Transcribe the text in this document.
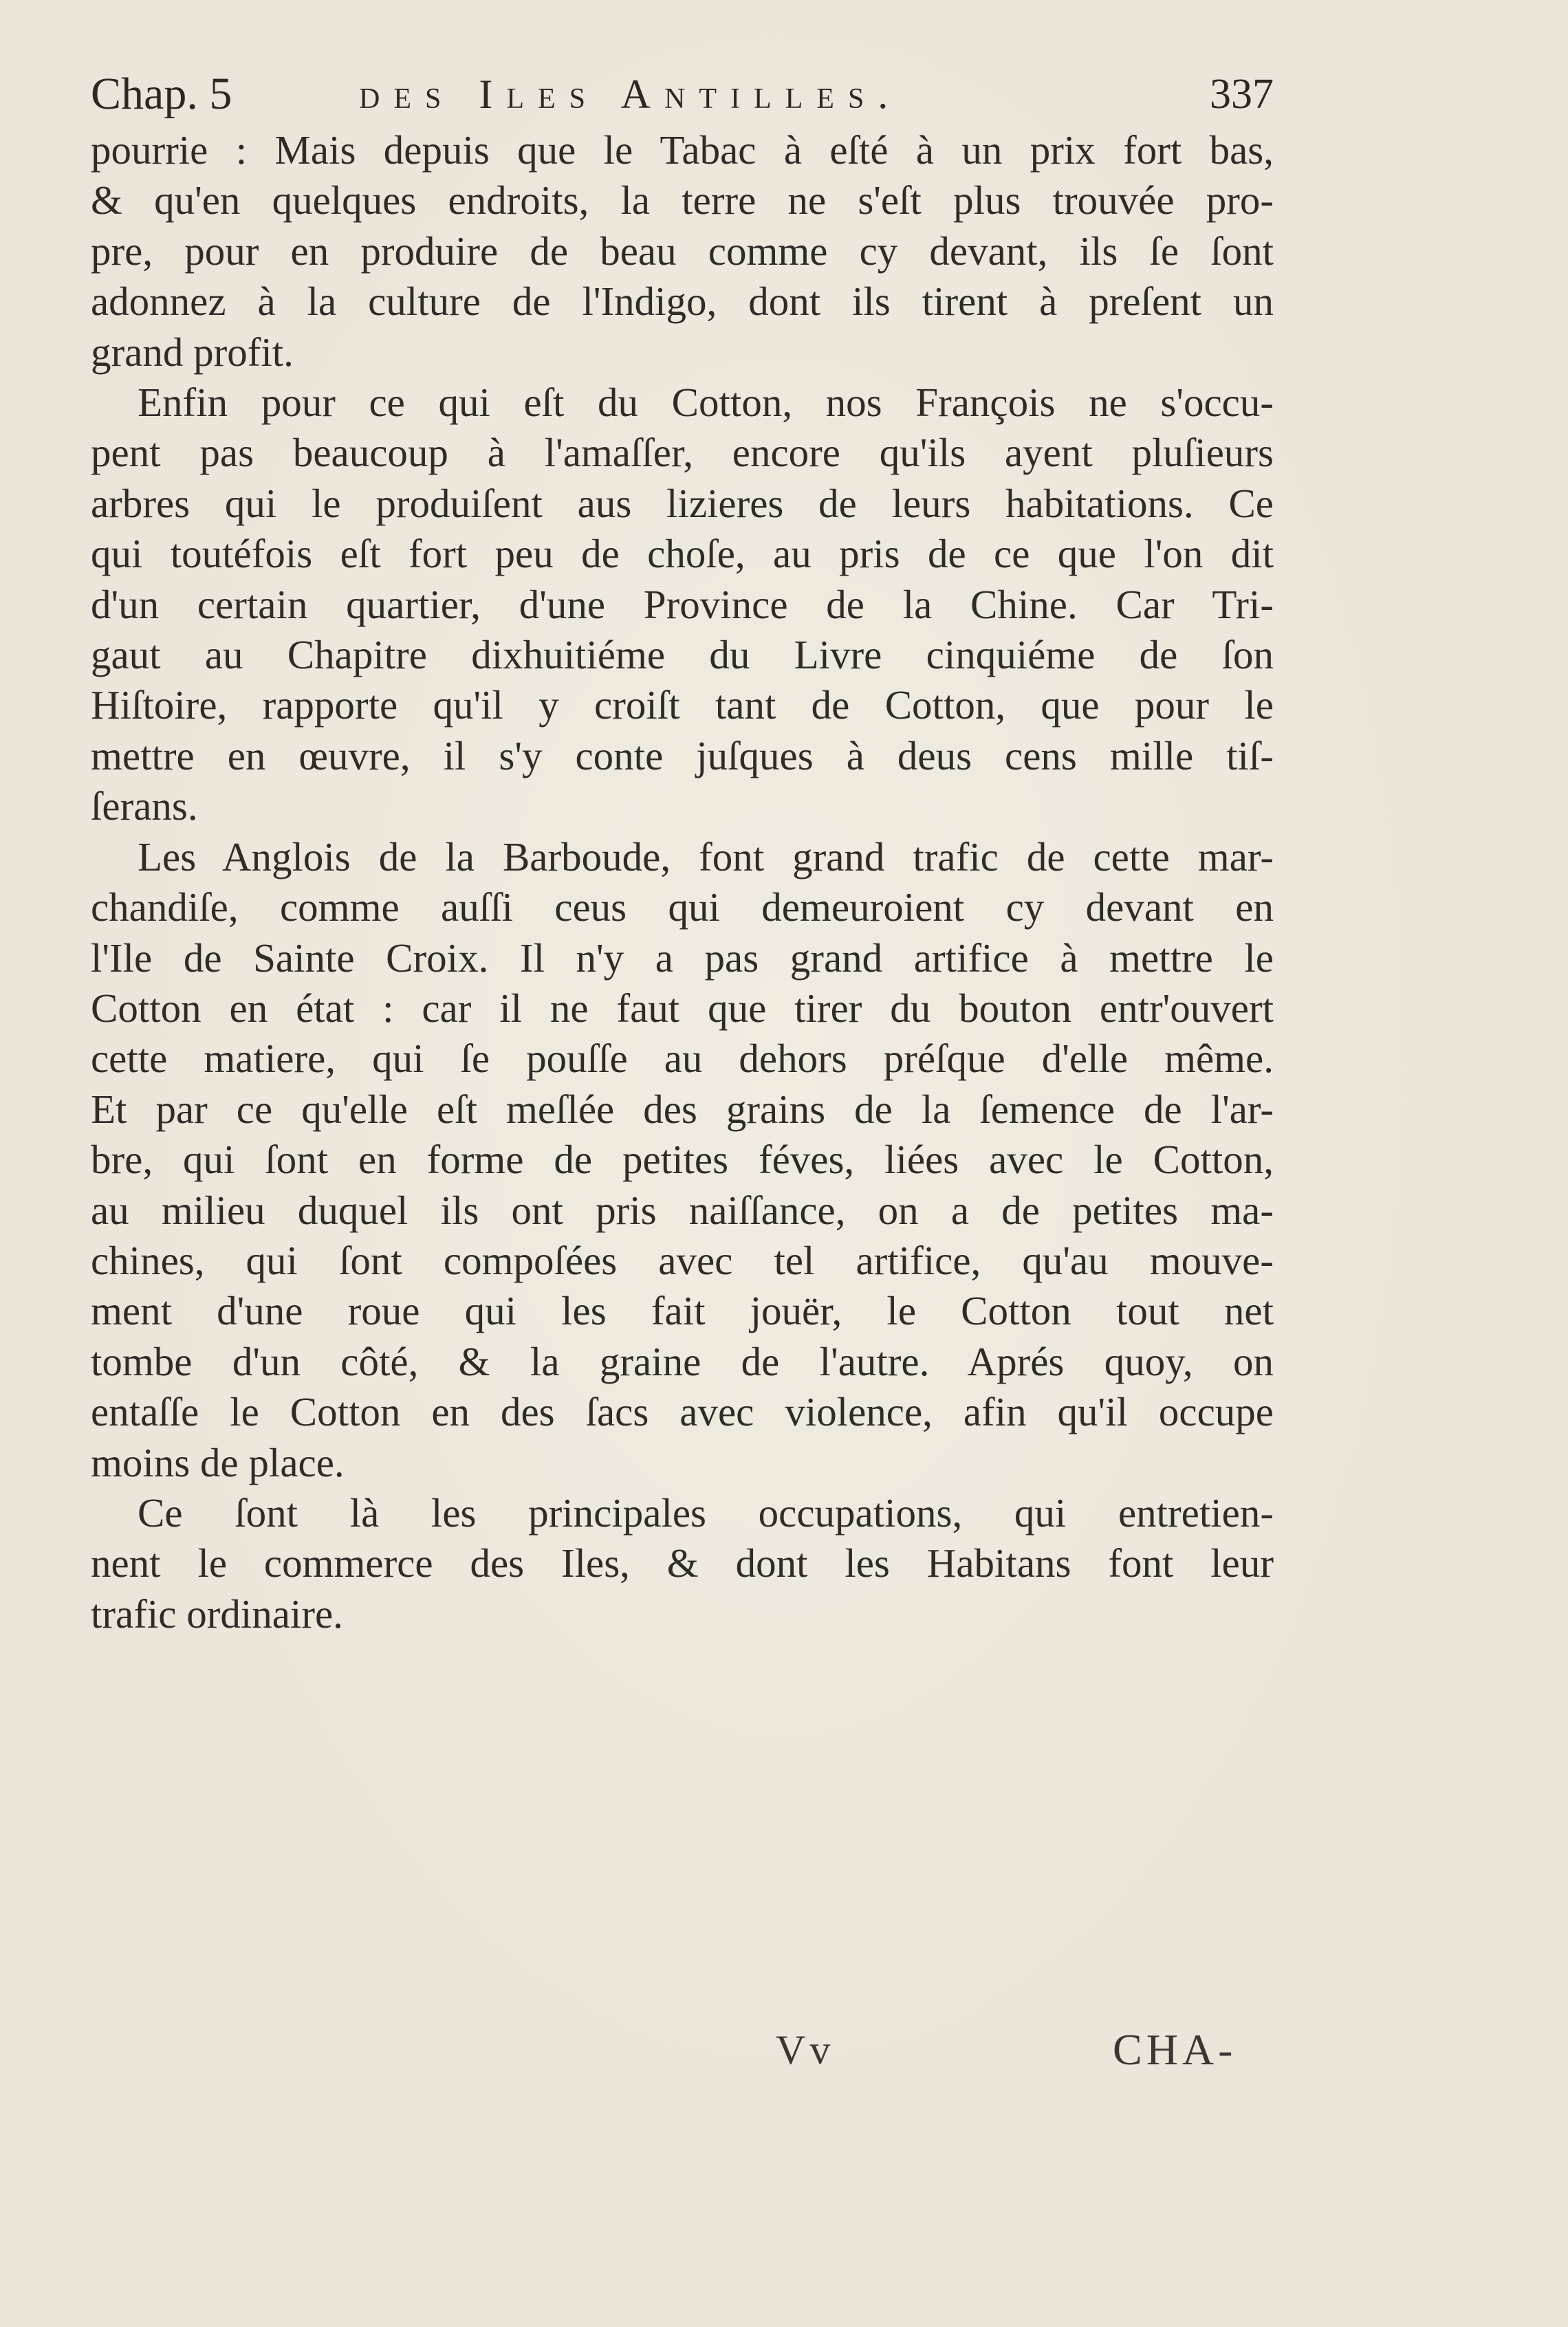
Chap. 5	des Iles Antilles.	337
pourrie : Mais depuis que le Tabac à eſté à un prix fort bas,
& qu'en quelques endroits, la terre ne s'eſt plus trouvée pro-
pre, pour en produire de beau comme cy devant, ils ſe ſont
adonnez à la culture de l'Indigo, dont ils tirent à preſent un
grand profit.
Enfin pour ce qui eſt du Cotton, nos François ne s'occu-
pent pas beaucoup à l'amaſſer, encore qu'ils ayent pluſieurs
arbres qui le produiſent aus lizieres de leurs habitations. Ce
qui toutéfois eſt fort peu de choſe, au pris de ce que l'on dit
d'un certain quartier, d'une Province de la Chine. Car Tri-
gaut au Chapitre dixhuitiéme du Livre cinquiéme de ſon
Hiſtoire, rapporte qu'il y croiſt tant de Cotton, que pour le
mettre en œuvre, il s'y conte juſques à deus cens mille tiſ-
ſerans.
Les Anglois de la Barboude, font grand trafic de cette mar-
chandiſe, comme auſſi ceus qui demeuroient cy devant en
l'Ile de Sainte Croix. Il n'y a pas grand artifice à mettre le
Cotton en état : car il ne faut que tirer du bouton entr'ouvert
cette matiere, qui ſe pouſſe au dehors préſque d'elle même.
Et par ce qu'elle eſt meſlée des grains de la ſemence de l'ar-
bre, qui ſont en forme de petites féves, liées avec le Cotton,
au milieu duquel ils ont pris naiſſance, on a de petites ma-
chines, qui ſont compoſées avec tel artifice, qu'au mouve-
ment d'une roue qui les fait jouër, le Cotton tout net
tombe d'un côté, & la graine de l'autre. Aprés quoy, on
entaſſe le Cotton en des ſacs avec violence, afin qu'il occupe
moins de place.
Ce ſont là les principales occupations, qui entretien-
nent le commerce des Iles, & dont les Habitans font leur
trafic ordinaire.
Vv	CHA-
